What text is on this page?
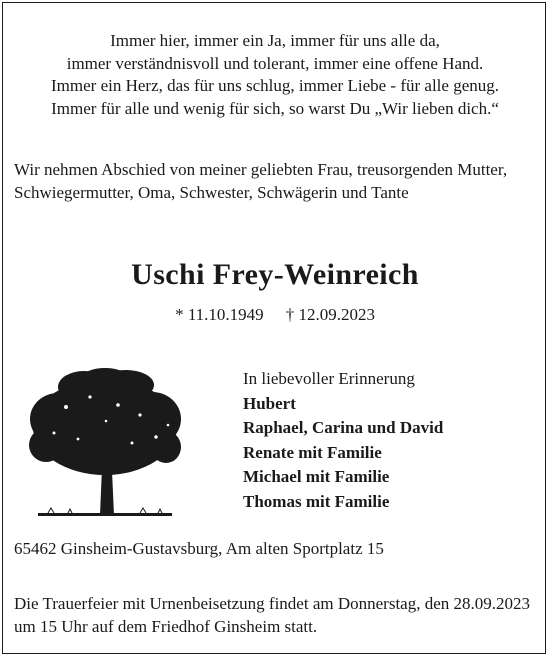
Immer hier, immer ein Ja, immer für uns alle da,
immer verständnisvoll und tolerant, immer eine offene Hand.
Immer ein Herz, das für uns schlug, immer Liebe - für alle genug.
Immer für alle und wenig für sich, so warst Du „Wir lieben dich.“
Wir nehmen Abschied von meiner geliebten Frau, treusorgenden Mutter, Schwiegermutter, Oma, Schwester, Schwägerin und Tante
Uschi Frey-Weinreich
* 11.10.1949 † 12.09.2023
In liebevoller Erinnerung
Hubert
Raphael, Carina und David
Renate mit Familie
Michael mit Familie
Thomas mit Familie
65462 Ginsheim-Gustavsburg, Am alten Sportplatz 15
Die Trauerfeier mit Urnenbeisetzung findet am Donnerstag, den 28.09.2023 um 15 Uhr auf dem Friedhof Ginsheim statt.
